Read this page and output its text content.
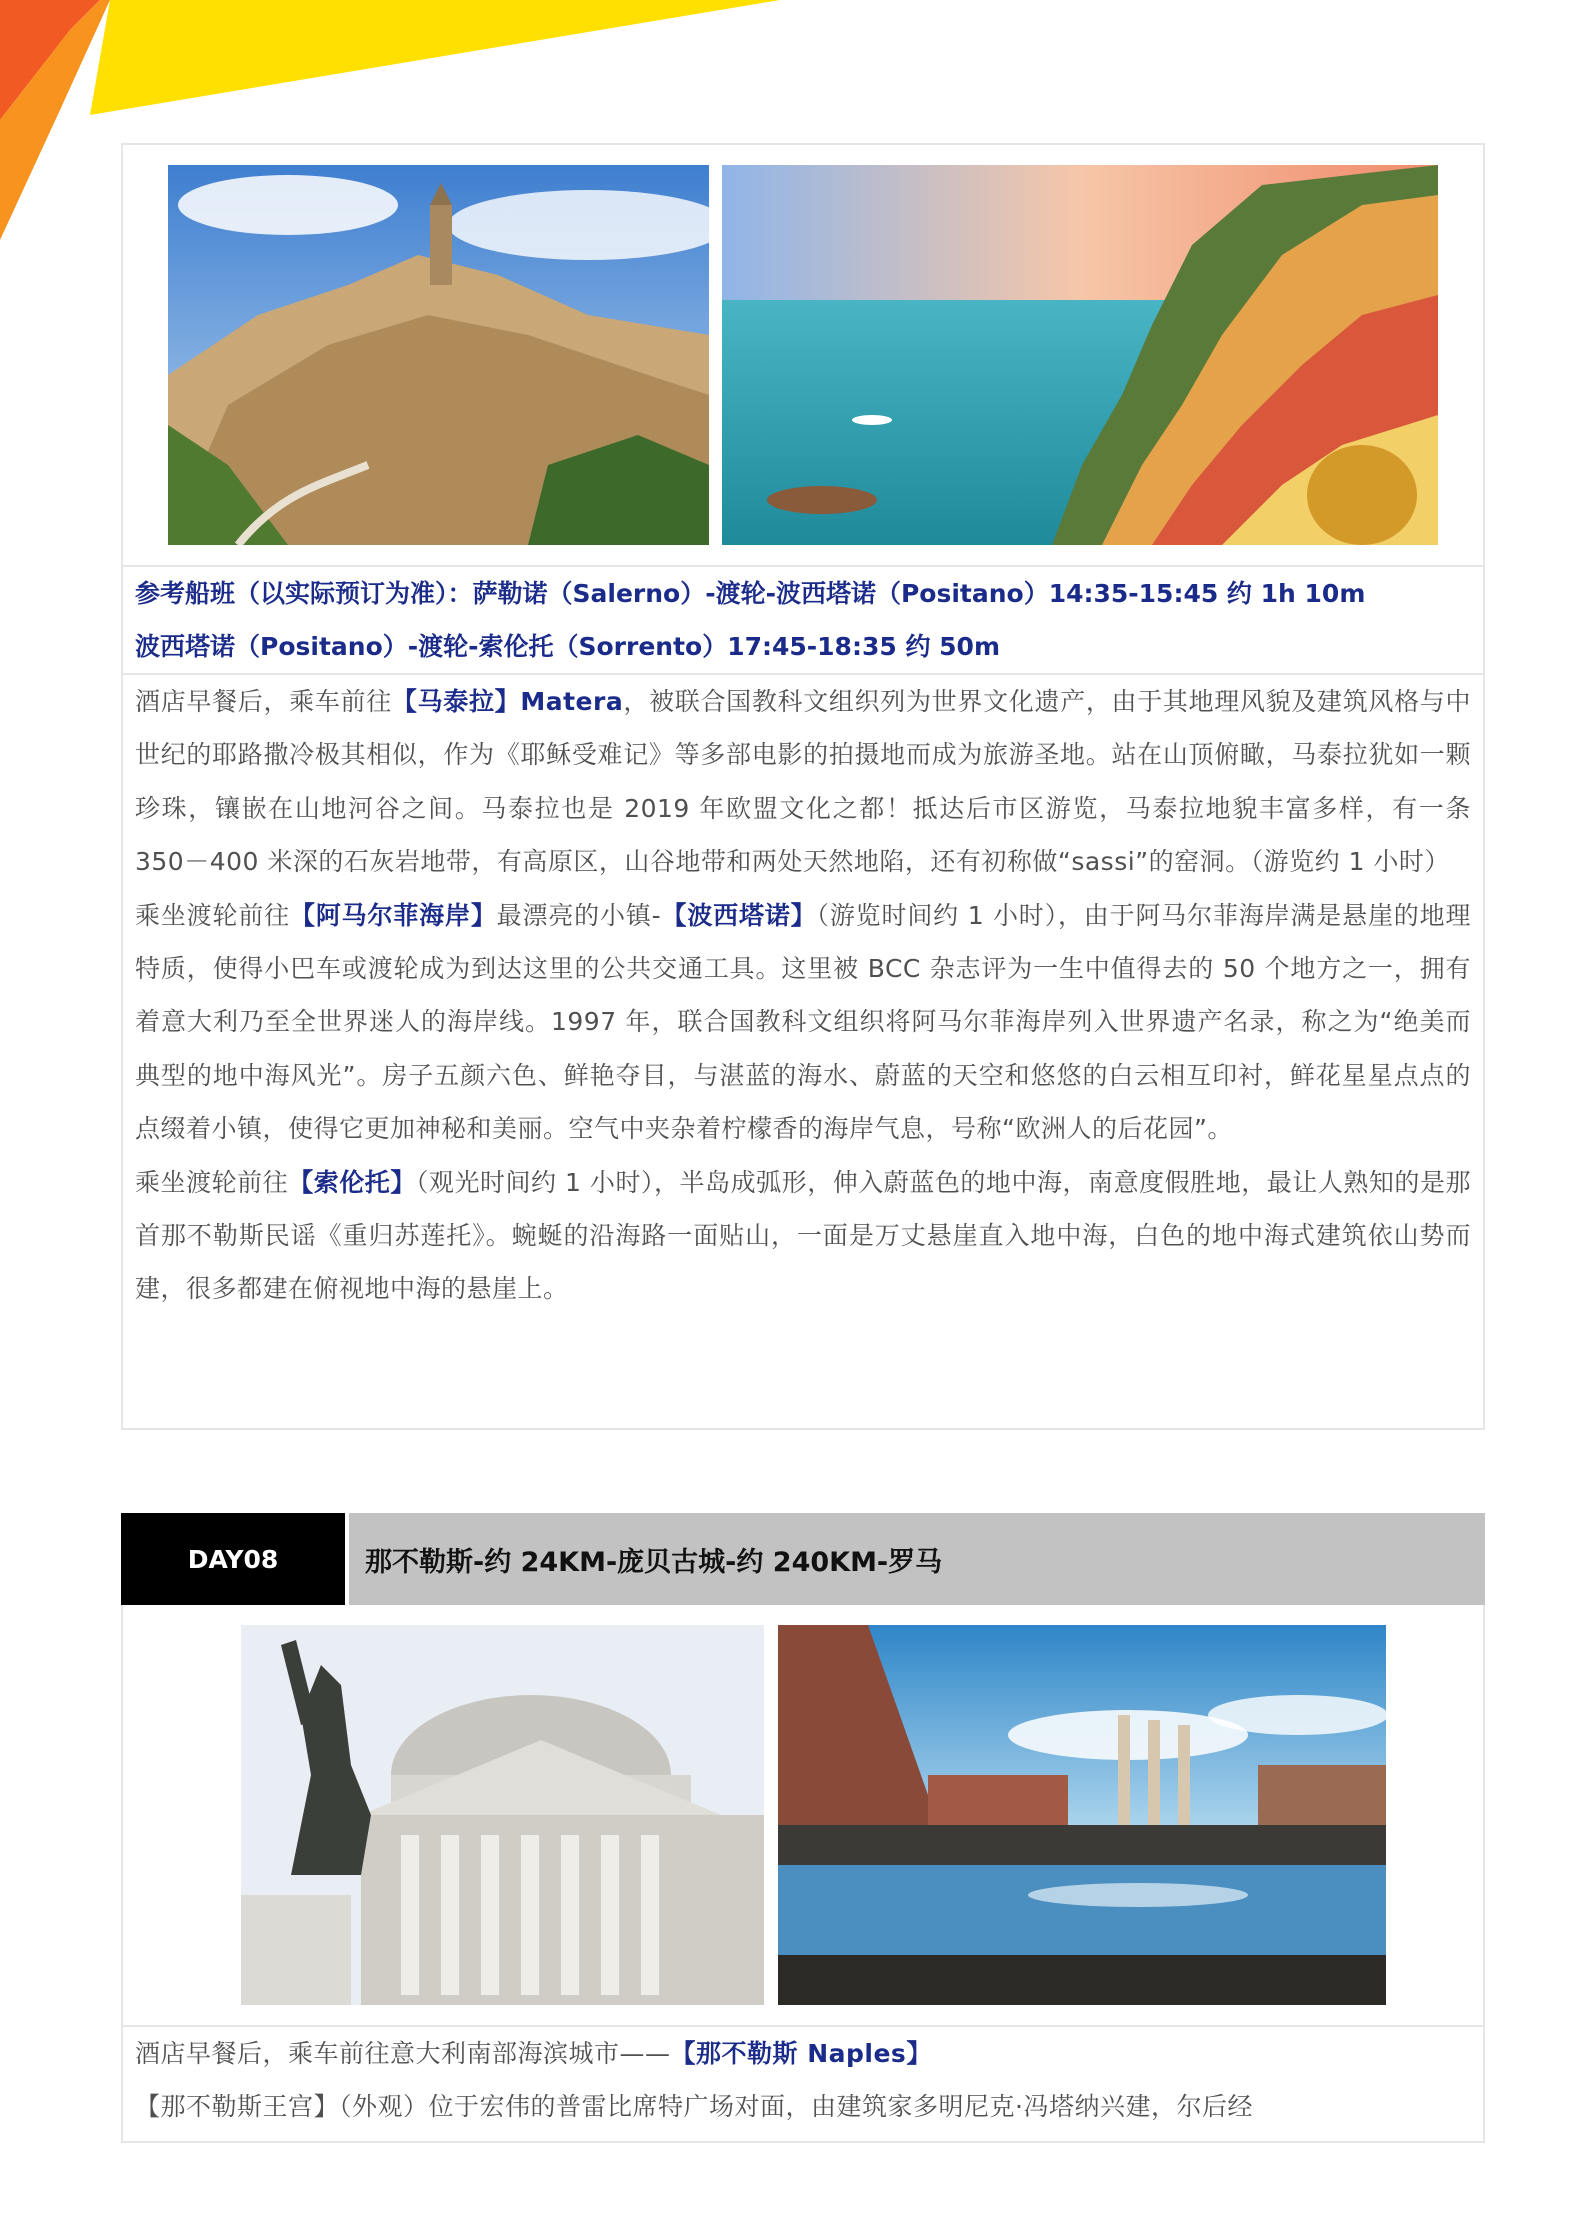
参考船班（以实际预订为准）：萨勒诺（Salerno）-渡轮-波西塔诺（Positano）14:35-15:45 约 1h 10m
波西塔诺（Positano）-渡轮-索伦托（Sorrento）17:45-18:35 约 50m

酒店早餐后，乘车前往【马泰拉】Matera，被联合国教科文组织列为世界文化遗产，由于其地理风貌及建筑风格与中世纪的耶路撒冷极其相似，作为《耶稣受难记》等多部电影的拍摄地而成为旅游圣地。站在山顶俯瞰，马泰拉犹如一颗珍珠，镶嵌在山地河谷之间。马泰拉也是 2019 年欧盟文化之都！抵达后市区游览，马泰拉地貌丰富多样，有一条 350－400 米深的石灰岩地带，有高原区，山谷地带和两处天然地陷，还有初称做“sassi”的窑洞。（游览约 1 小时）

乘坐渡轮前往【阿马尔菲海岸】最漂亮的小镇-【波西塔诺】（游览时间约 1 小时），由于阿马尔菲海岸满是悬崖的地理特质，使得小巴车或渡轮成为到达这里的公共交通工具。这里被 BCC 杂志评为一生中值得去的 50 个地方之一，拥有着意大利乃至全世界迷人的海岸线。1997 年，联合国教科文组织将阿马尔菲海岸列入世界遗产名录，称之为“绝美而典型的地中海风光”。房子五颜六色、鲜艳夺目，与湛蓝的海水、蔚蓝的天空和悠悠的白云相互印衬，鲜花星星点点的点缀着小镇，使得它更加神秘和美丽。空气中夹杂着柠檬香的海岸气息，号称“欧洲人的后花园”。

乘坐渡轮前往【索伦托】（观光时间约 1 小时），半岛成弧形，伸入蔚蓝色的地中海，南意度假胜地，最让人熟知的是那首那不勒斯民谣《重归苏莲托》。蜿蜒的沿海路一面贴山，一面是万丈悬崖直入地中海，白色的地中海式建筑依山势而建，很多都建在俯视地中海的悬崖上。

DAY08	那不勒斯-约 24KM-庞贝古城-约 240KM-罗马

酒店早餐后，乘车前往意大利南部海滨城市——【那不勒斯 Naples】

【那不勒斯王宫】（外观）位于宏伟的普雷比席特广场对面，由建筑家多明尼克·冯塔纳兴建，尔后经
